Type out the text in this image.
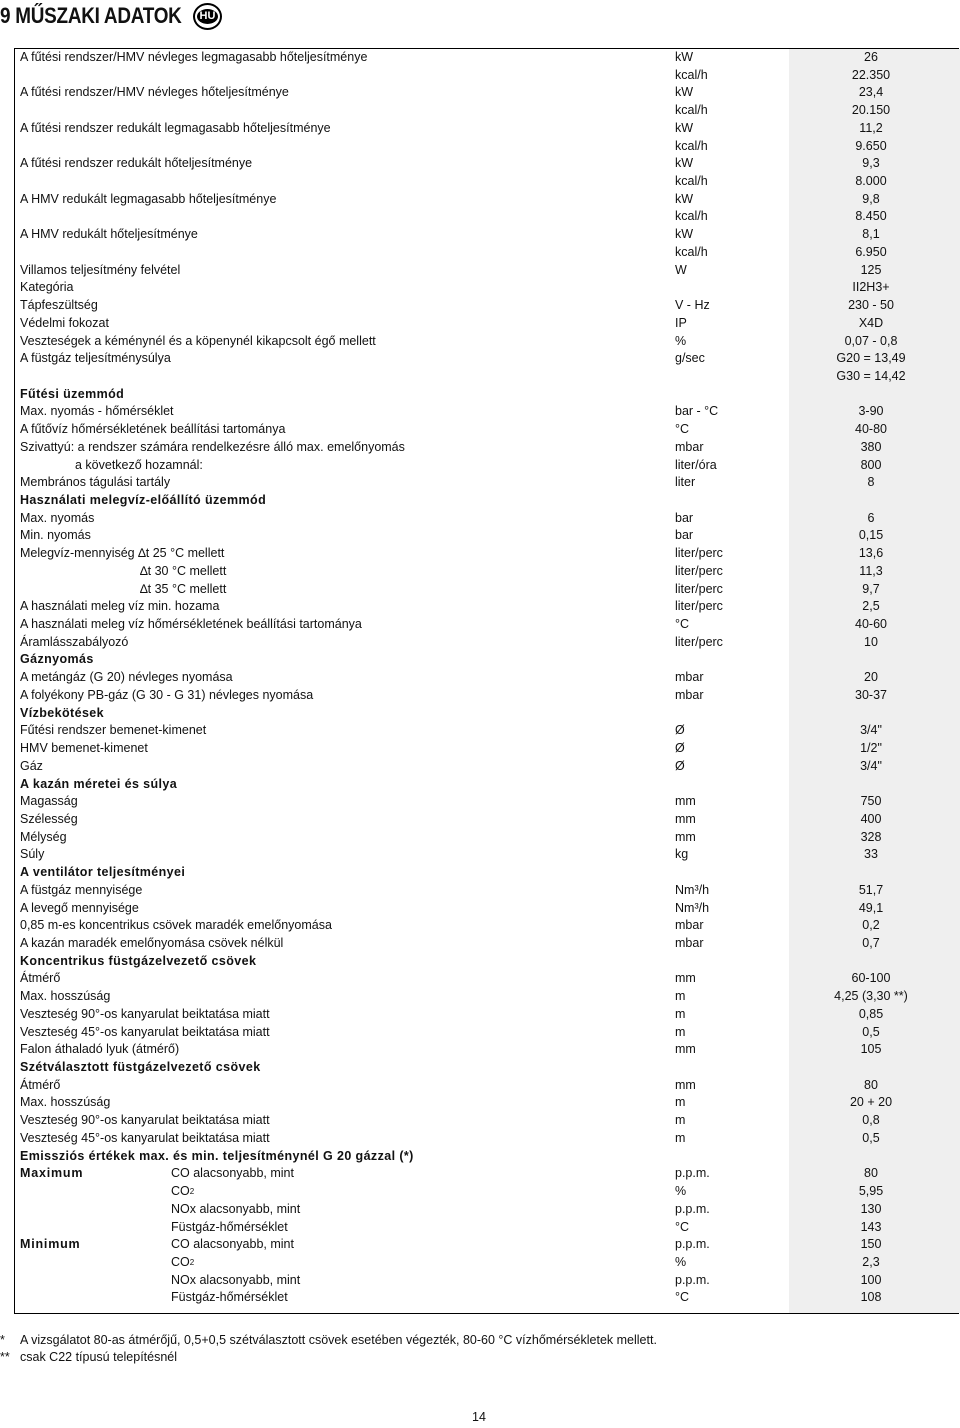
9 MŰSZAKI ADATOK HU
A fűtési rendszer/HMV névleges legmagasabb hőteljesítménye	kW	26
kcal/h	22.350
A fűtési rendszer/HMV névleges hőteljesítménye	kW	23,4
kcal/h	20.150
A fűtési rendszer redukált legmagasabb hőteljesítménye	kW	11,2
kcal/h	9.650
A fűtési rendszer redukált hőteljesítménye	kW	9,3
kcal/h	8.000
A HMV redukált legmagasabb hőteljesítménye	kW	9,8
kcal/h	8.450
A HMV redukált hőteljesítménye	kW	8,1
kcal/h	6.950
Villamos teljesítmény felvétel	W	125
Kategória	II2H3+
Tápfeszültség	V - Hz	230 - 50
Védelmi fokozat	IP	X4D
Veszteségek a kéménynél és a köpenynél kikapcsolt égő mellett	%	0,07 - 0,8
A füstgáz teljesítménysúlya	g/sec	G20 = 13,49
G30 = 14,42
Fűtési üzemmód
Max. nyomás - hőmérséklet	bar - °C	3-90
A fűtővíz hőmérsékletének beállítási tartománya	°C	40-80
Szivattyú: a rendszer számára rendelkezésre álló max. emelőnyomás	mbar	380
a következő hozamnál:	liter/óra	800
Membrános tágulási tartály	liter	8
Használati melegvíz-előállító üzemmód
Max. nyomás	bar	6
Min. nyomás	bar	0,15
Melegvíz-mennyiség ∆t 25 °C mellett	liter/perc	13,6
∆t 30 °C mellett	liter/perc	11,3
∆t 35 °C mellett	liter/perc	9,7
A használati meleg víz min. hozama	liter/perc	2,5
A használati meleg víz hőmérsékletének beállítási tartománya	°C	40-60
Áramlásszabályozó	liter/perc	10
Gáznyomás
A metángáz (G 20) névleges nyomása	mbar	20
A folyékony PB-gáz (G 30 - G 31) névleges nyomása	mbar	30-37
Vízbekötések
Fűtési rendszer bemenet-kimenet	Ø	3/4"
HMV bemenet-kimenet	Ø	1/2"
Gáz	Ø	3/4"
A kazán méretei és súlya
Magasság	mm	750
Szélesség	mm	400
Mélység	mm	328
Súly	kg	33
A ventilátor teljesítményei
A füstgáz mennyisége	Nm³/h	51,7
A levegő mennyisége	Nm³/h	49,1
0,85 m-es koncentrikus csövek maradék emelőnyomása	mbar	0,2
A kazán maradék emelőnyomása csövek nélkül	mbar	0,7
Koncentrikus füstgázelvezető csövek
Átmérő	mm	60-100
Max. hosszúság	m	4,25 (3,30 **)
Veszteség 90°-os kanyarulat beiktatása miatt	m	0,85
Veszteség 45°-os kanyarulat beiktatása miatt	m	0,5
Falon áthaladó lyuk (átmérő)	mm	105
Szétválasztott füstgázelvezető csövek
Átmérő	mm	80
Max. hosszúság	m	20 + 20
Veszteség 90°-os kanyarulat beiktatása miatt	m	0,8
Veszteség 45°-os kanyarulat beiktatása miatt	m	0,5
Emissziós értékek max. és min. teljesítménynél G 20 gázzal (*)
Maximum	CO alacsonyabb, mint	p.p.m.	80
CO 2	%	5,95
NOx alacsonyabb, mint	p.p.m.	130
Füstgáz-hőmérséklet	°C	143
Minimum	CO alacsonyabb, mint	p.p.m.	150
CO 2	%	2,3
NOx alacsonyabb, mint	p.p.m.	100
Füstgáz-hőmérséklet	°C	108
* A vizsgálatot 80-as átmérőjű, 0,5+0,5 szétválasztott csövek esetében végezték, 80-60 °C vízhőmérsékletek mellett.
** csak C22 típusú telepítésnél
14
